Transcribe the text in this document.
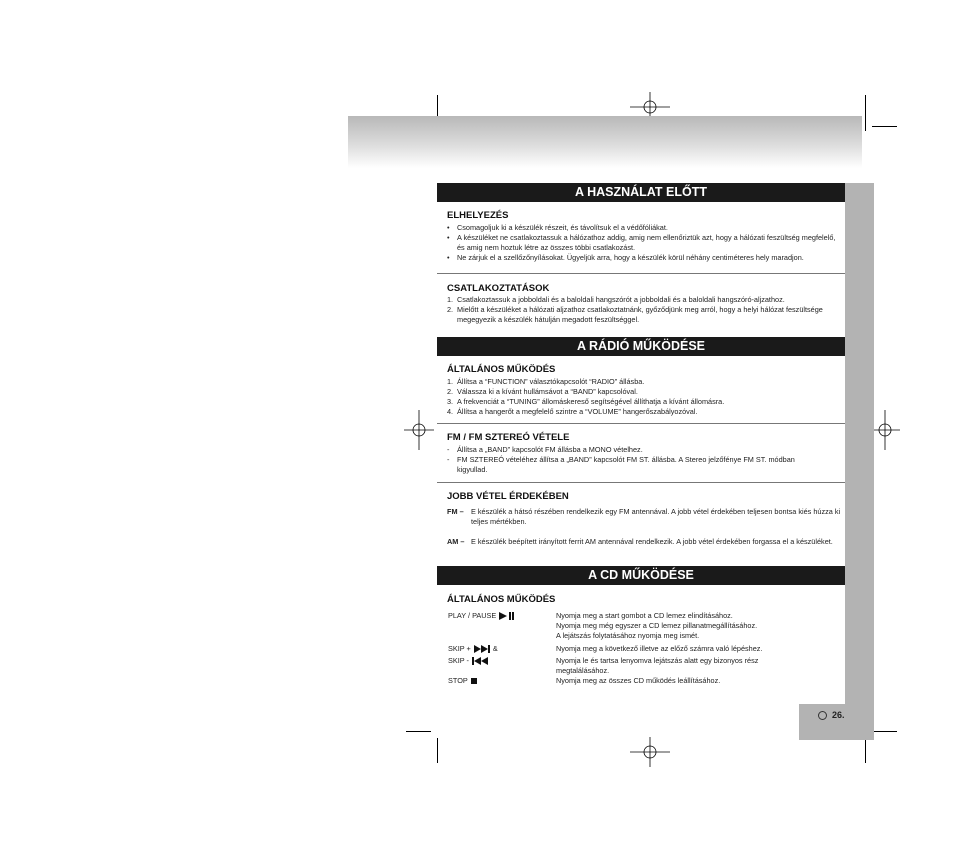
26.
A HASZNÁLAT ELŐTT
ELHELYEZÉS
•	Csomagoljuk ki a készülék részeit, és távolítsuk el a védőfóliákat.
•	A készüléket ne csatlakoztassuk a hálózathoz addig, amig nem ellenőriztük azt, hogy a hálózati feszültség megfelelő, és amig nem hoztuk létre az összes többi csatlakozást.
•	Ne zárjuk el a szellőzőnyílásokat. Ügyeljük arra, hogy a készülék körül néhány centiméteres hely maradjon.
CSATLAKOZTATÁSOK
1. Csatlakoztassuk a jobboldali és a baloldali hangszórót a jobboldali és a baloldali hangszóró-aljzathoz.
2. Mielőtt a készüléket a hálózati aljzathoz csatlakoztatnánk, győződjünk meg arról, hogy a helyi hálózat feszültsége megegyezik a készülék hátulján megadott feszültséggel.
A RÁDIÓ MŰKÖDÉSE
ÁLTALÁNOS MŰKÖDÉS
1. Állítsa a “FUNCTION” választókapcsolót “RADIO” állásba.
2. Válassza ki a kívánt hullámsávot a “BAND” kapcsolóval.
3. A frekvenciát a “TUNING” állomáskereső segítségével állíthatja a kívánt állomásra.
4. Állítsa a hangerőt a megfelelő szintre a “VOLUME” hangerőszabályozóval.
FM / FM SZTEREÓ VÉTELE
-	Állítsa a „BAND” kapcsolót FM állásba a MONO vételhez.
-	FM SZTEREÓ vételéhez állítsa a „BAND” kapcsolót FM ST. állásba. A Stereo jelzőfénye FM ST. módban kigyullad.
JOBB VÉTEL ÉRDEKÉBEN
FM –	E készülék a hátsó részében rendelkezik egy FM antennával. A jobb vétel érdekében teljesen bontsa kiés húzza ki teljes mértékben.
AM – E készülék beépített irányított ferrit AM antennával rendelkezik. A jobb vétel érdekében forgassa el a készüléket.
A CD MŰKÖDÉSE
ÁLTALÁNOS MŰKÖDÉS
PLAY / PAUSE	Nyomja meg a start gombot a CD lemez elindításához.
Nyomja meg még egyszer a CD lemez pillanatmegállításához.
A lejátszás folytatásához nyomja meg ismét.
SKIP +	&	Nyomja meg a következő illetve az előző számra való lépéshez.
SKIP -	Nyomja le és tartsa lenyomva lejátszás alatt egy bizonyos rész megtalálásához.
STOP	Nyomja meg az összes CD működés leállításához.
